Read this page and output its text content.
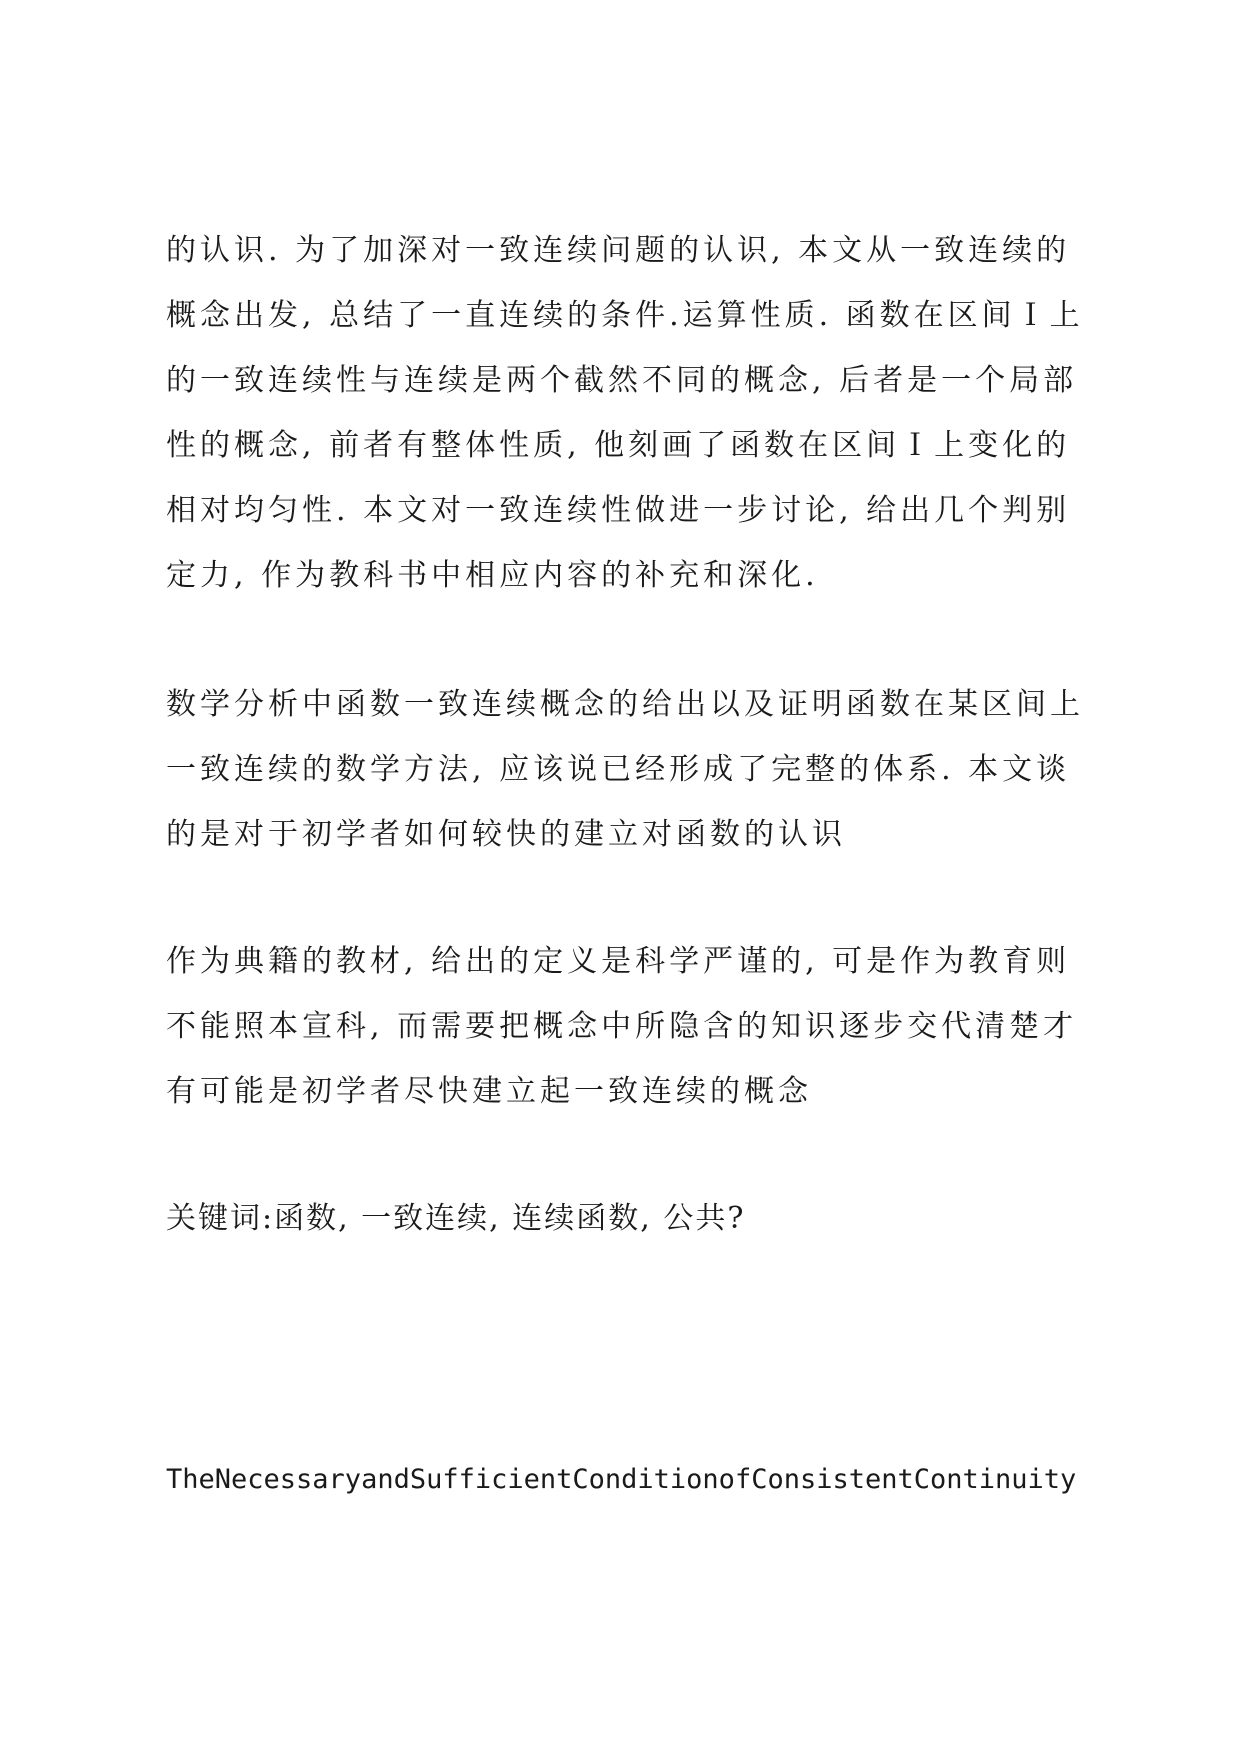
的认识. 为了加深对一致连续问题的认识, 本文从一致连续的概念出发, 总结了一直连续的条件.运算性质. 函数在区间Ｉ上的一致连续性与连续是两个截然不同的概念, 后者是一个局部性的概念, 前者有整体性质, 他刻画了函数在区间Ｉ上变化的相对均匀性. 本文对一致连续性做进一步讨论, 给出几个判别定力, 作为教科书中相应内容的补充和深化.

数学分析中函数一致连续概念的给出以及证明函数在某区间上一致连续的数学方法, 应该说已经形成了完整的体系. 本文谈的是对于初学者如何较快的建立对函数的认识

作为典籍的教材, 给出的定义是科学严谨的, 可是作为教育则不能照本宣科, 而需要把概念中所隐含的知识逐步交代清楚才有可能是初学者尽快建立起一致连续的概念

关键词:函数, 一致连续, 连续函数, 公共?

TheNecessaryandSufficientConditionofConsistentContinuity
